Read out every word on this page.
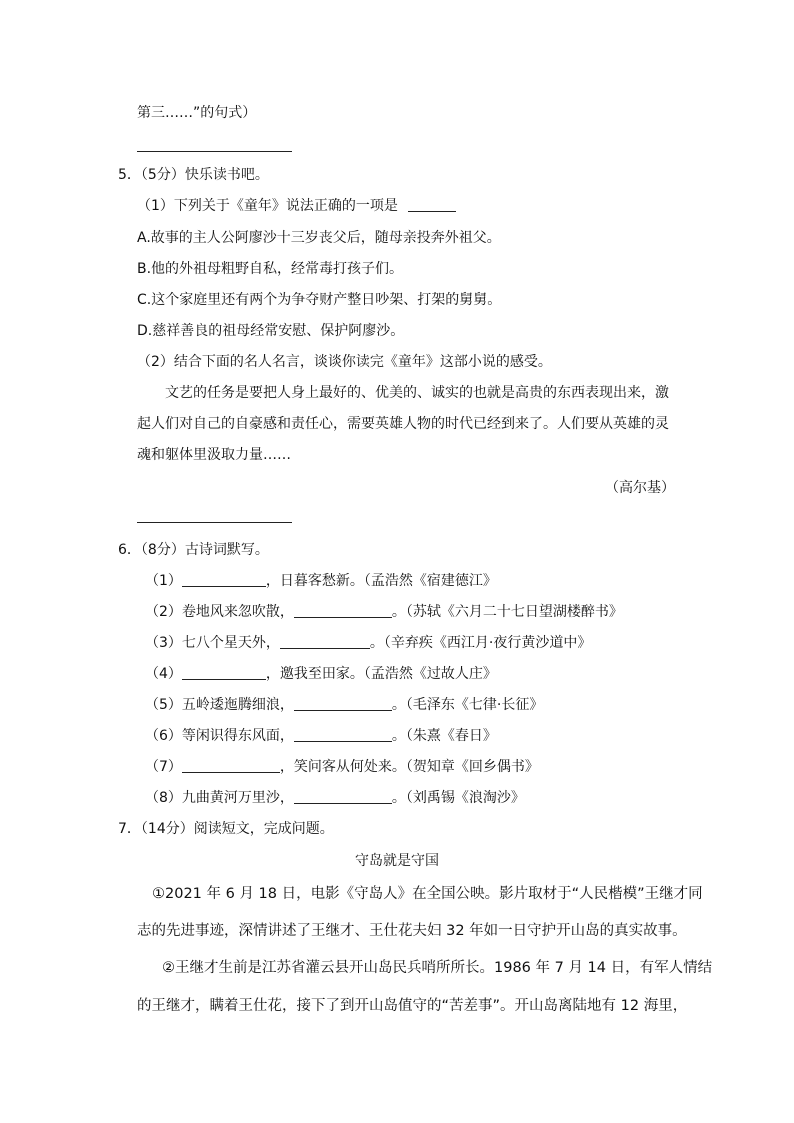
第三……”的句式）
5．（5分）快乐读书吧。
（1）下列关于《童年》说法正确的一项是
A.故事的主人公阿廖沙十三岁丧父后，随母亲投奔外祖父。
B.他的外祖母粗野自私，经常毒打孩子们。
C.这个家庭里还有两个为争夺财产整日吵架、打架的舅舅。
D.慈祥善良的祖母经常安慰、保护阿廖沙。
（2）结合下面的名人名言，谈谈你读完《童年》这部小说的感受。
文艺的任务是要把人身上最好的、优美的、诚实的也就是高贵的东西表现出来，激
起人们对自己的自豪感和责任心，需要英雄人物的时代已经到来了。人们要从英雄的灵
魂和躯体里汲取力量……
（高尔基）
6．（8分）古诗词默写。
（1）	，日暮客愁新。（孟浩然《宿建德江》
（2）卷地风来忽吹散，	。（苏轼《六月二十七日望湖楼醉书》
（3）七八个星天外，	。（辛弃疾《西江月·夜行黄沙道中》
（4）	，邀我至田家。（孟浩然《过故人庄》
（5）五岭逶迤腾细浪，	。（毛泽东《七律·长征》
（6）等闲识得东风面，	。（朱熹《春日》
（7）	，笑问客从何处来。（贺知章《回乡偶书》
（8）九曲黄河万里沙，	。（刘禹锡《浪淘沙》
7．（14分）阅读短文，完成问题。
守岛就是守国
①2021 年 6 月 18 日，电影《守岛人》在全国公映。影片取材于“人民楷模”王继才同
志的先进事迹，深情讲述了王继才、王仕花夫妇 32 年如一日守护开山岛的真实故事。
②王继才生前是江苏省灌云县开山岛民兵哨所所长。1986 年 7 月 14 日，有军人情结
的王继才，瞒着王仕花，接下了到开山岛值守的“苦差事”。开山岛离陆地有 12 海里，
